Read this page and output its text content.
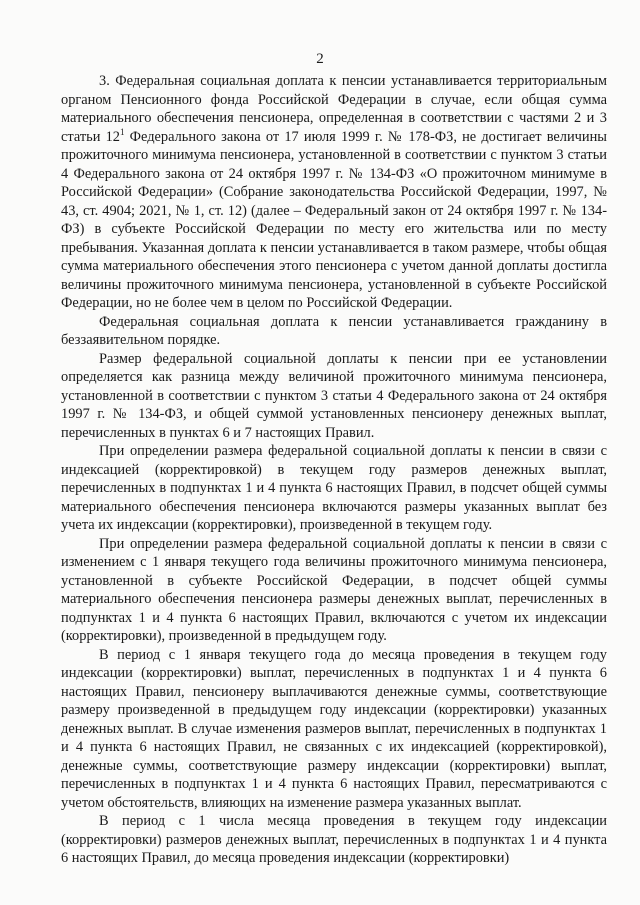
2

3. Федеральная социальная доплата к пенсии устанавливается территориальным органом Пенсионного фонда Российской Федерации в случае, если общая сумма материального обеспечения пенсионера, определенная в соответствии с частями 2 и 3 статьи $12^1$ Федерального закона от 17 июля 1999 г. № 178-ФЗ, не достигает величины прожиточного минимума пенсионера, установленной в соответствии с пунктом 3 статьи 4 Федерального закона от 24 октября 1997 г. № 134-ФЗ «О прожиточном минимуме в Российской Федерации» (Собрание законодательства Российской Федерации, 1997, № 43, ст. 4904; 2021, № 1, ст. 12) (далее – Федеральный закон от 24 октября 1997 г. № 134-ФЗ) в субъекте Российской Федерации по месту его жительства или по месту пребывания. Указанная доплата к пенсии устанавливается в таком размере, чтобы общая сумма материального обеспечения этого пенсионера с учетом данной доплаты достигла величины прожиточного минимума пенсионера, установленной в субъекте Российской Федерации, но не более чем в целом по Российской Федерации.

Федеральная социальная доплата к пенсии устанавливается гражданину в беззаявительном порядке.

Размер федеральной социальной доплаты к пенсии при ее установлении определяется как разница между величиной прожиточного минимума пенсионера, установленной в соответствии с пунктом 3 статьи 4 Федерального закона от 24 октября 1997 г. № 134-ФЗ, и общей суммой установленных пенсионеру денежных выплат, перечисленных в пунктах 6 и 7 настоящих Правил.

При определении размера федеральной социальной доплаты к пенсии в связи с индексацией (корректировкой) в текущем году размеров денежных выплат, перечисленных в подпунктах 1 и 4 пункта 6 настоящих Правил, в подсчет общей суммы материального обеспечения пенсионера включаются размеры указанных выплат без учета их индексации (корректировки), произведенной в текущем году.

При определении размера федеральной социальной доплаты к пенсии в связи с изменением с 1 января текущего года величины прожиточного минимума пенсионера, установленной в субъекте Российской Федерации, в подсчет общей суммы материального обеспечения пенсионера размеры денежных выплат, перечисленных в подпунктах 1 и 4 пункта 6 настоящих Правил, включаются с учетом их индексации (корректировки), произведенной в предыдущем году.

В период с 1 января текущего года до месяца проведения в текущем году индексации (корректировки) выплат, перечисленных в подпунктах 1 и 4 пункта 6 настоящих Правил, пенсионеру выплачиваются денежные суммы, соответствующие размеру произведенной в предыдущем году индексации (корректировки) указанных денежных выплат. В случае изменения размеров выплат, перечисленных в подпунктах 1 и 4 пункта 6 настоящих Правил, не связанных с их индексацией (корректировкой), денежные суммы, соответствующие размеру индексации (корректировки) выплат, перечисленных в подпунктах 1 и 4 пункта 6 настоящих Правил, пересматриваются с учетом обстоятельств, влияющих на изменение размера указанных выплат.

В период с 1 числа месяца проведения в текущем году индексации (корректировки) размеров денежных выплат, перечисленных в подпунктах 1 и 4 пункта 6 настоящих Правил, до месяца проведения индексации (корректировки)
